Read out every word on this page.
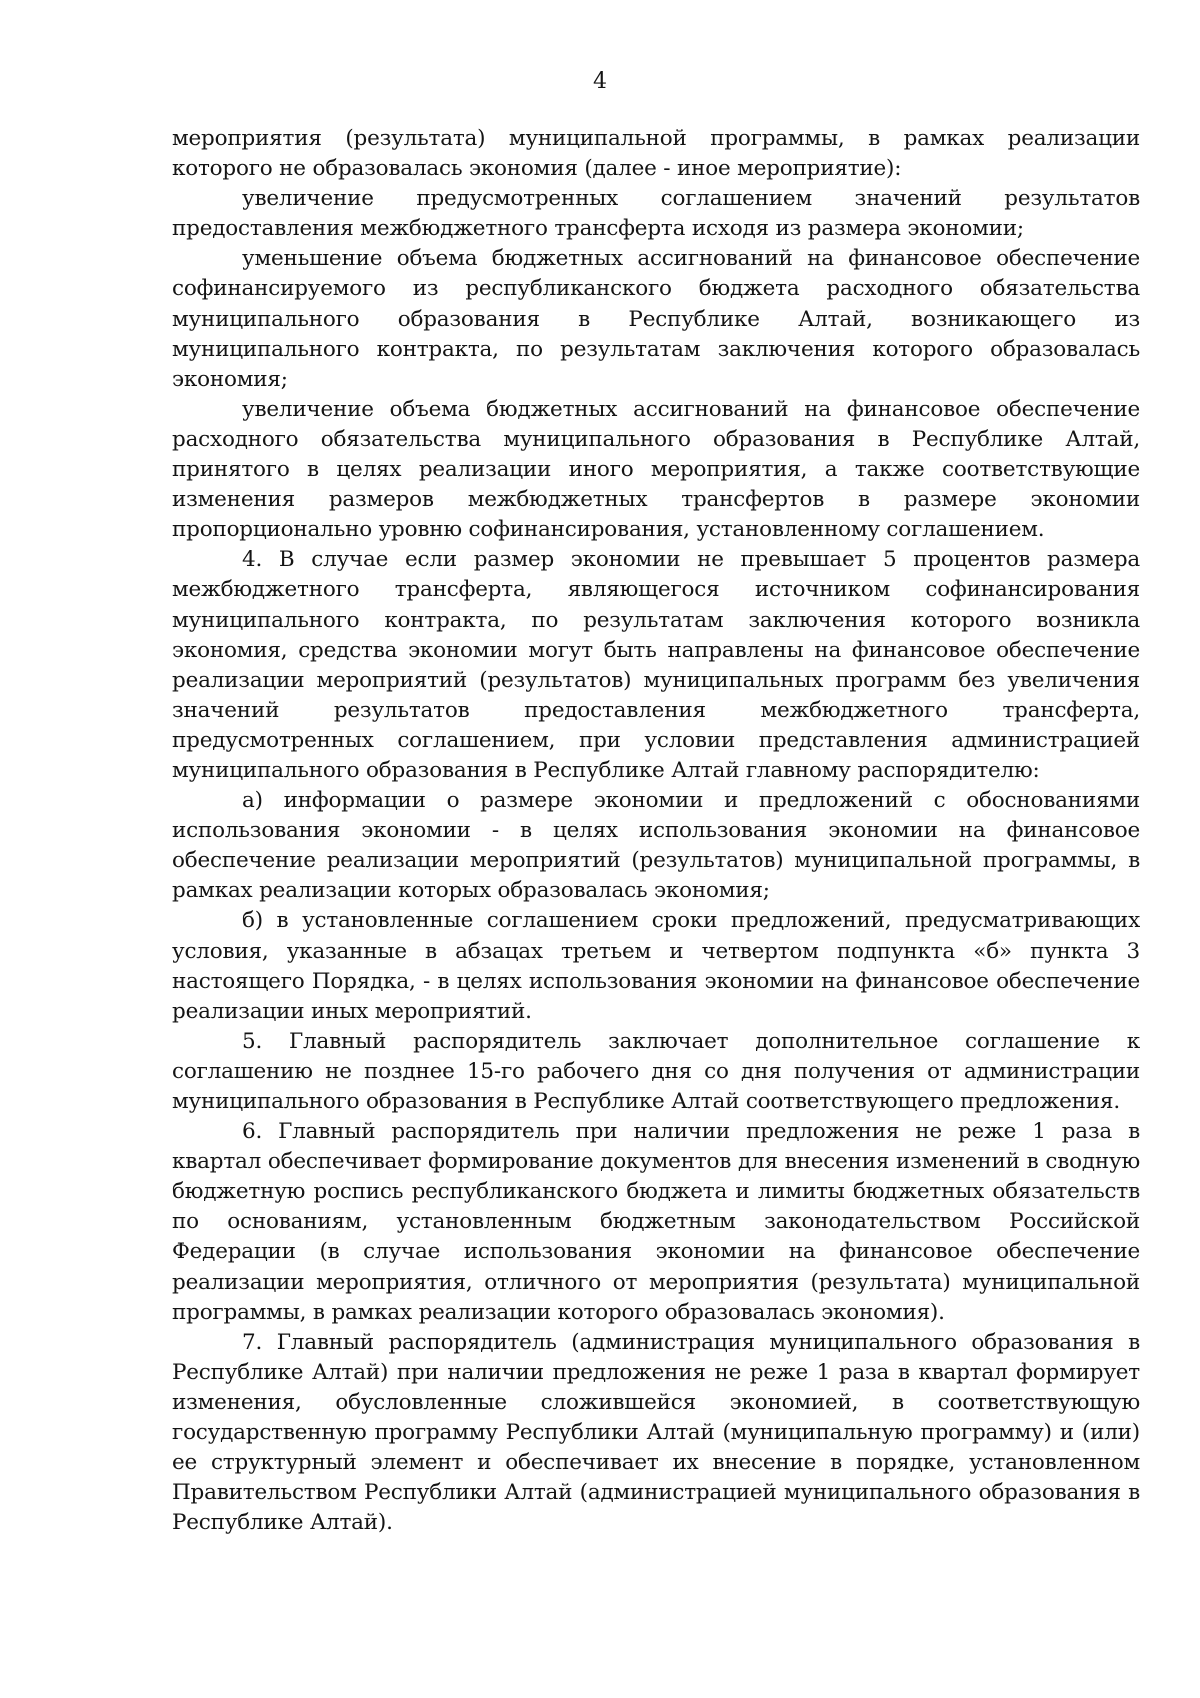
4

мероприятия (результата) муниципальной программы, в рамках реализации которого не образовалась экономия (далее - иное мероприятие):

увеличение предусмотренных соглашением значений результатов предоставления межбюджетного трансферта исходя из размера экономии;

уменьшение объема бюджетных ассигнований на финансовое обеспечение софинансируемого из республиканского бюджета расходного обязательства муниципального образования в Республике Алтай, возникающего из муниципального контракта, по результатам заключения которого образовалась экономия;

увеличение объема бюджетных ассигнований на финансовое обеспечение расходного обязательства муниципального образования в Республике Алтай, принятого в целях реализации иного мероприятия, а также соответствующие изменения размеров межбюджетных трансфертов в размере экономии пропорционально уровню софинансирования, установленному соглашением.

4. В случае если размер экономии не превышает 5 процентов размера межбюджетного трансферта, являющегося источником софинансирования муниципального контракта, по результатам заключения которого возникла экономия, средства экономии могут быть направлены на финансовое обеспечение реализации мероприятий (результатов) муниципальных программ без увеличения значений результатов предоставления межбюджетного трансферта, предусмотренных соглашением, при условии представления администрацией муниципального образования в Республике Алтай главному распорядителю:

а) информации о размере экономии и предложений с обоснованиями использования экономии - в целях использования экономии на финансовое обеспечение реализации мероприятий (результатов) муниципальной программы, в рамках реализации которых образовалась экономия;

б) в установленные соглашением сроки предложений, предусматривающих условия, указанные в абзацах третьем и четвертом подпункта «б» пункта 3 настоящего Порядка, - в целях использования экономии на финансовое обеспечение реализации иных мероприятий.

5. Главный распорядитель заключает дополнительное соглашение к соглашению не позднее 15-го рабочего дня со дня получения от администрации муниципального образования в Республике Алтай соответствующего предложения.

6. Главный распорядитель при наличии предложения не реже 1 раза в квартал обеспечивает формирование документов для внесения изменений в сводную бюджетную роспись республиканского бюджета и лимиты бюджетных обязательств по основаниям, установленным бюджетным законодательством Российской Федерации (в случае использования экономии на финансовое обеспечение реализации мероприятия, отличного от мероприятия (результата) муниципальной программы, в рамках реализации которого образовалась экономия).

7. Главный распорядитель (администрация муниципального образования в Республике Алтай) при наличии предложения не реже 1 раза в квартал формирует изменения, обусловленные сложившейся экономией, в соответствующую государственную программу Республики Алтай (муниципальную программу) и (или) ее структурный элемент и обеспечивает их внесение в порядке, установленном Правительством Республики Алтай (администрацией муниципального образования в Республике Алтай).
